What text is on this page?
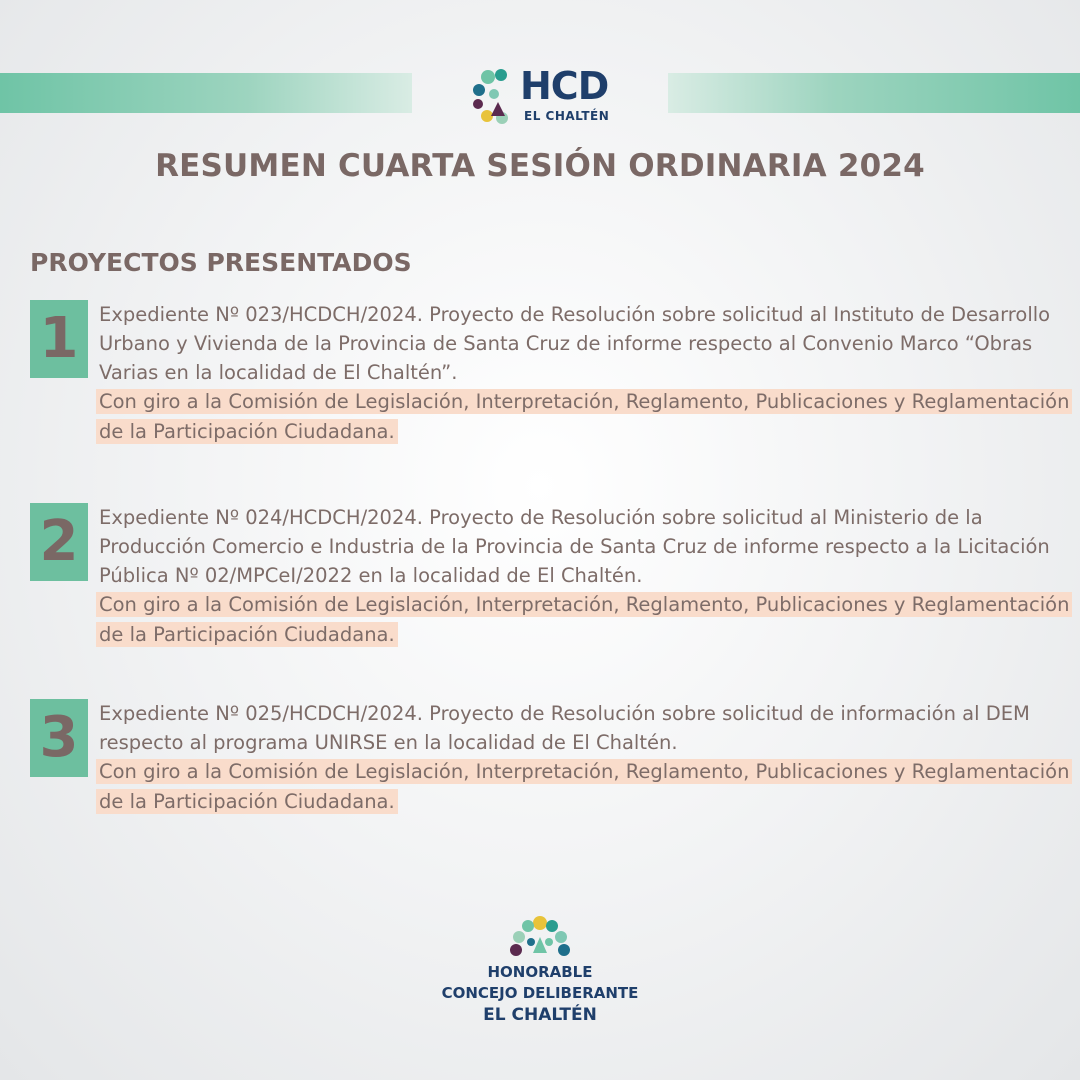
HCD
EL CHALTÉN
RESUMEN CUARTA SESIÓN ORDINARIA 2024
PROYECTOS PRESENTADOS
1	Expediente Nº 023/HCDCH/2024. Proyecto de Resolución sobre solicitud al Instituto de Desarrollo Urbano y Vivienda de la Provincia de Santa Cruz de informe respecto al Convenio Marco “Obras Varias en la localidad de El Chaltén”.
Con giro a la Comisión de Legislación, Interpretación, Reglamento, Publicaciones y Reglamentación de la Participación Ciudadana.
2	Expediente Nº 024/HCDCH/2024. Proyecto de Resolución sobre solicitud al Ministerio de la Producción Comercio e Industria de la Provincia de Santa Cruz de informe respecto a la Licitación Pública Nº 02/MPCeI/2022 en la localidad de El Chaltén.
Con giro a la Comisión de Legislación, Interpretación, Reglamento, Publicaciones y Reglamentación de la Participación Ciudadana.
3	Expediente Nº 025/HCDCH/2024. Proyecto de Resolución sobre solicitud de información al DEM respecto al programa UNIRSE en la localidad de El Chaltén.
Con giro a la Comisión de Legislación, Interpretación, Reglamento, Publicaciones y Reglamentación de la Participación Ciudadana.
HONORABLE
CONCEJO DELIBERANTE
EL CHALTÉN
